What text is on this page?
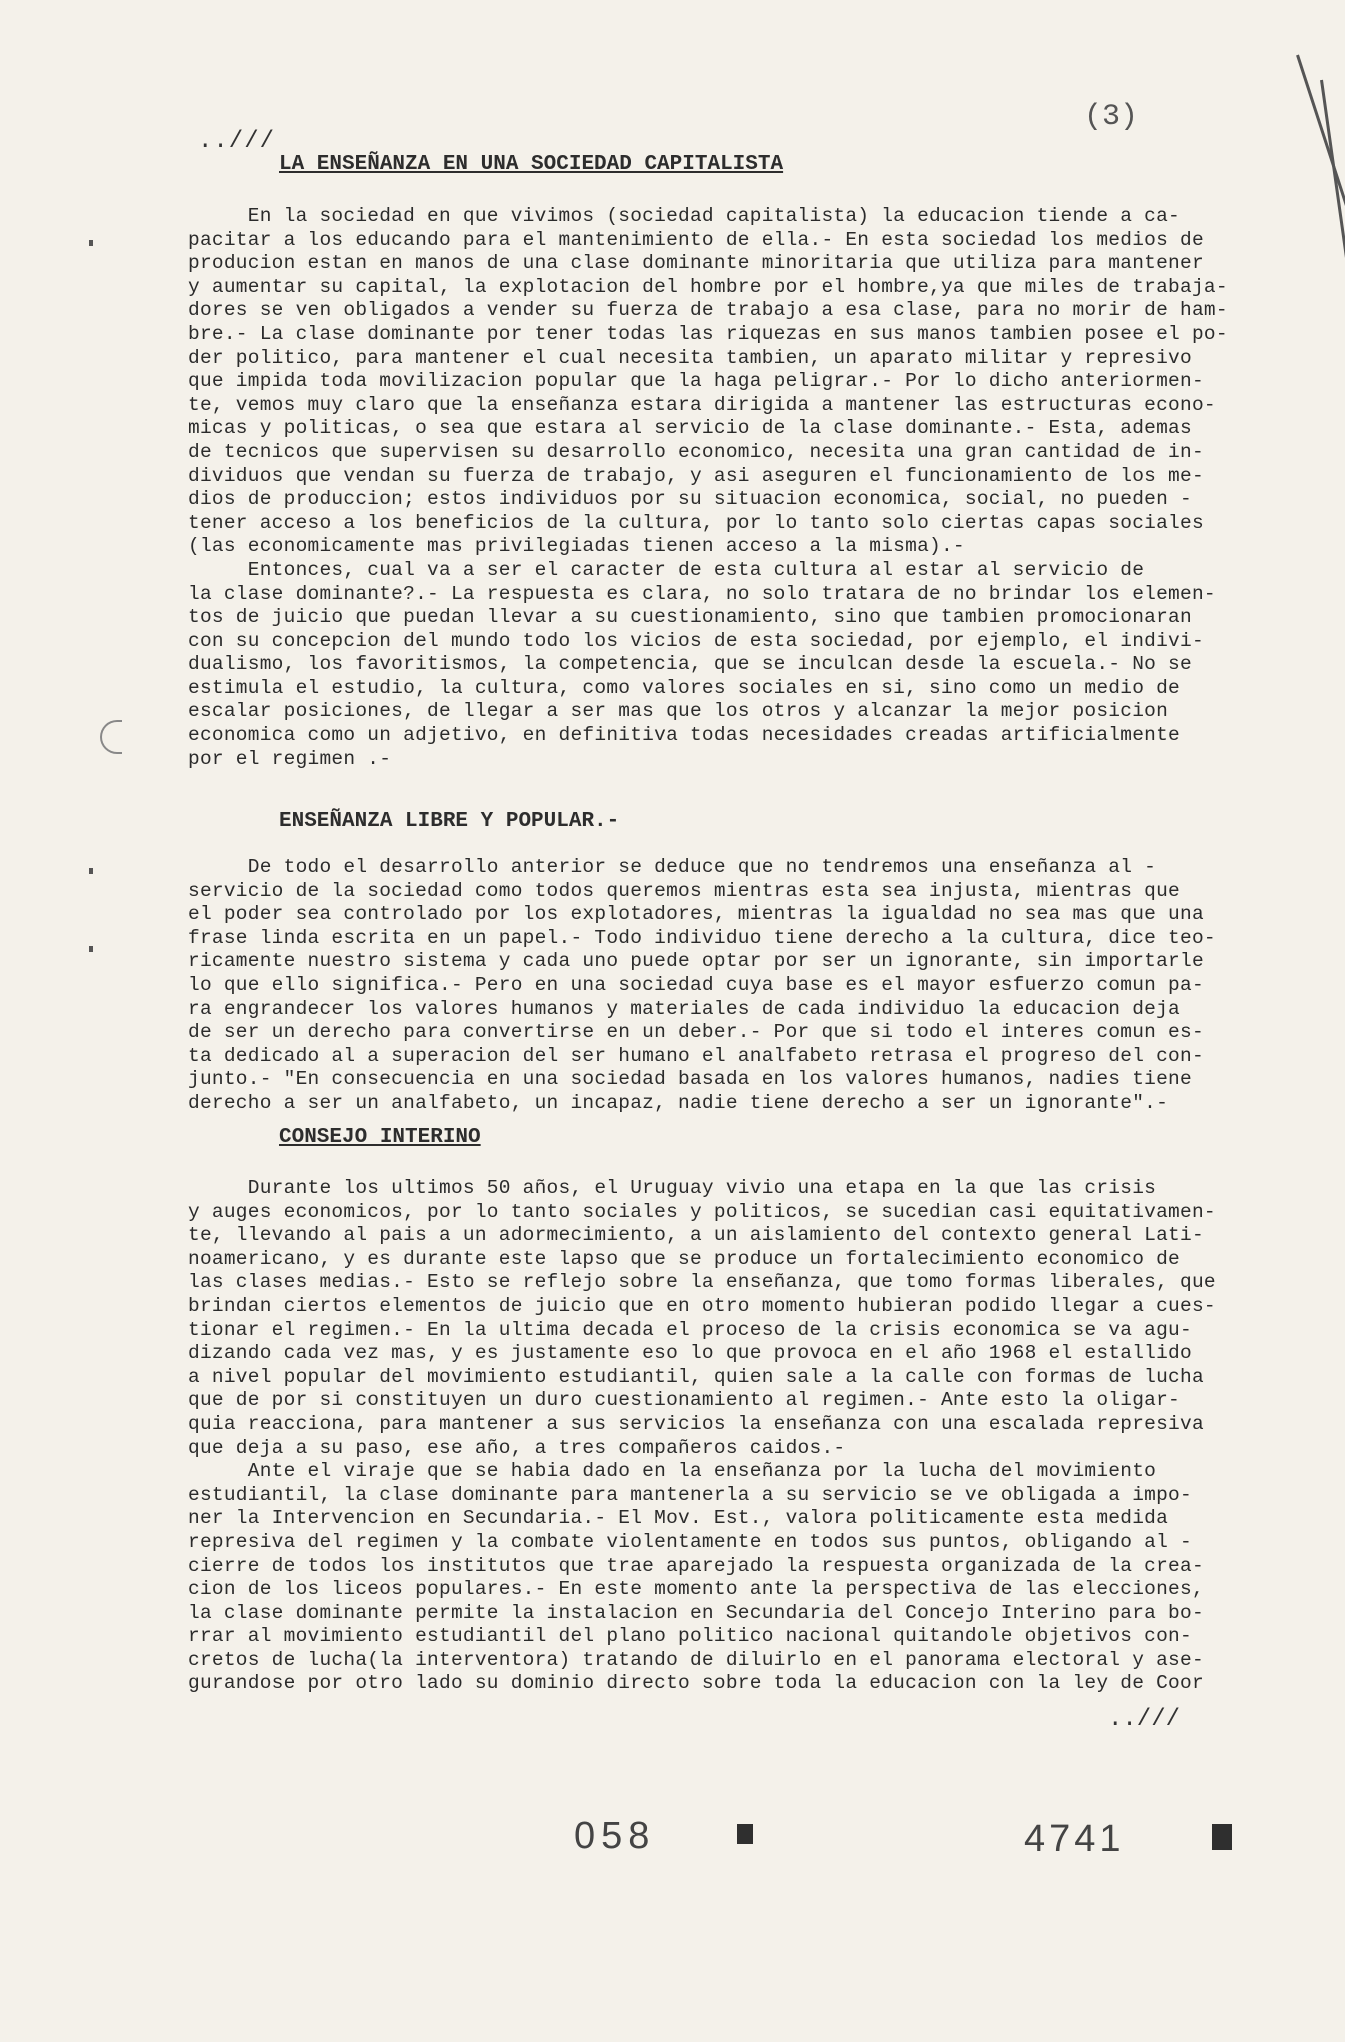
..///
(3)
LA ENSEÑANZA EN UNA SOCIEDAD CAPITALISTA
En la sociedad en que vivimos (sociedad capitalista) la educacion tiende a ca-
pacitar a los educando para el mantenimiento de ella.- En esta sociedad los medios de
producion estan en manos de una clase dominante minoritaria que utiliza para mantener
y aumentar su capital, la explotacion del hombre por el hombre,ya que miles de trabaja-
dores se ven obligados a vender su fuerza de trabajo a esa clase, para no morir de ham-
bre.- La clase dominante por tener todas las riquezas en sus manos tambien posee el po-
der politico, para mantener el cual necesita tambien, un aparato militar y represivo
que impida toda movilizacion popular que la haga peligrar.- Por lo dicho anteriormen-
te, vemos muy claro que la enseñanza estara dirigida a mantener las estructuras econo-
micas y politicas, o sea que estara al servicio de la clase dominante.- Esta, ademas
de tecnicos que supervisen su desarrollo economico, necesita una gran cantidad de in-
dividuos que vendan su fuerza de trabajo, y asi aseguren el funcionamiento de los me-
dios de produccion; estos individuos por su situacion economica, social, no pueden -
tener acceso a los beneficios de la cultura, por lo tanto solo ciertas capas sociales
(las economicamente mas privilegiadas tienen acceso a la misma).-
Entonces, cual va a ser el caracter de esta cultura al estar al servicio de
la clase dominante?.- La respuesta es clara, no solo tratara de no brindar los elemen-
tos de juicio que puedan llevar a su cuestionamiento, sino que tambien promocionaran
con su concepcion del mundo todo los vicios de esta sociedad, por ejemplo, el indivi-
dualismo, los favoritismos, la competencia, que se inculcan desde la escuela.- No se
estimula el estudio, la cultura, como valores sociales en si, sino como un medio de
escalar posiciones, de llegar a ser mas que los otros y alcanzar la mejor posicion
economica como un adjetivo, en definitiva todas necesidades creadas artificialmente
por el regimen .-
ENSEÑANZA LIBRE Y POPULAR.-
De todo el desarrollo anterior se deduce que no tendremos una enseñanza al -
servicio de la sociedad como todos queremos mientras esta sea injusta, mientras que
el poder sea controlado por los explotadores, mientras la igualdad no sea mas que una
frase linda escrita en un papel.- Todo individuo tiene derecho a la cultura, dice teo-
ricamente nuestro sistema y cada uno puede optar por ser un ignorante, sin importarle
lo que ello significa.- Pero en una sociedad cuya base es el mayor esfuerzo comun pa-
ra engrandecer los valores humanos y materiales de cada individuo la educacion deja
de ser un derecho para convertirse en un deber.- Por que si todo el interes comun es-
ta dedicado al a superacion del ser humano el analfabeto retrasa el progreso del con-
junto.- "En consecuencia en una sociedad basada en los valores humanos, nadies tiene
derecho a ser un analfabeto, un incapaz, nadie tiene derecho a ser un ignorante".-
CONSEJO INTERINO
Durante los ultimos 50 años, el Uruguay vivio una etapa en la que las crisis
y auges economicos, por lo tanto sociales y politicos, se sucedian casi equitativamen-
te, llevando al pais a un adormecimiento, a un aislamiento del contexto general Lati-
noamericano, y es durante este lapso que se produce un fortalecimiento economico de
las clases medias.- Esto se reflejo sobre la enseñanza, que tomo formas liberales, que
brindan ciertos elementos de juicio que en otro momento hubieran podido llegar a cues-
tionar el regimen.- En la ultima decada el proceso de la crisis economica se va agu-
dizando cada vez mas, y es justamente eso lo que provoca en el año 1968 el estallido
a nivel popular del movimiento estudiantil, quien sale a la calle con formas de lucha
que de por si constituyen un duro cuestionamiento al regimen.- Ante esto la oligar-
quia reacciona, para mantener a sus servicios la enseñanza con una escalada represiva
que deja a su paso, ese año, a tres compañeros caidos.-
Ante el viraje que se habia dado en la enseñanza por la lucha del movimiento
estudiantil, la clase dominante para mantenerla a su servicio se ve obligada a impo-
ner la Intervencion en Secundaria.- El Mov. Est., valora politicamente esta medida
represiva del regimen y la combate violentamente en todos sus puntos, obligando al -
cierre de todos los institutos que trae aparejado la respuesta organizada de la crea-
cion de los liceos populares.- En este momento ante la perspectiva de las elecciones,
la clase dominante permite la instalacion en Secundaria del Concejo Interino para bo-
rrar al movimiento estudiantil del plano politico nacional quitandole objetivos con-
cretos de lucha(la interventora) tratando de diluirlo en el panorama electoral y ase-
gurandose por otro lado su dominio directo sobre toda la educacion con la ley de Coor
..///
058	4741
